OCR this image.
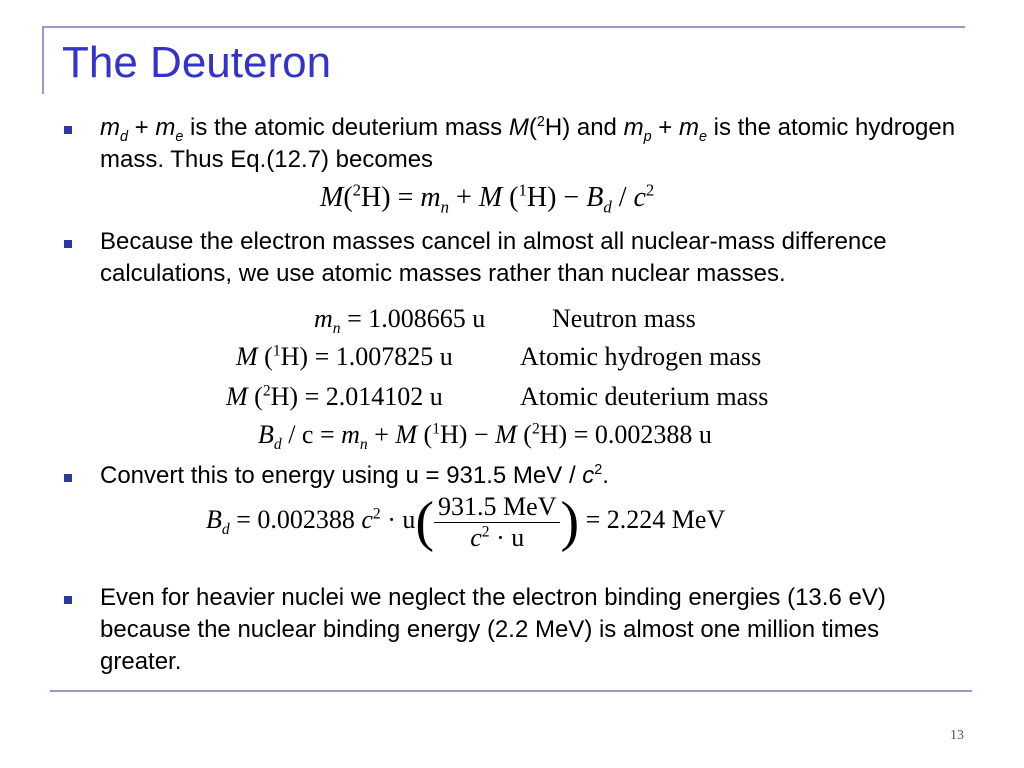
The Deuteron
$m_d + m_e$ is the atomic deuterium mass M($^2$H) and $m_p + m_e$ is the atomic hydrogen mass. Thus Eq.(12.7) becomes
$M(^2H) = m_n + M$ $(^1H) - B_d / c^2$
Because the electron masses cancel in almost all nuclear-mass difference calculations, we use atomic masses rather than nuclear masses.
$m_n = 1.008665$ u	Neutron mass
M ($^1$H) = 1.007825 u	Atomic hydrogen mass
M ($^2$H) = 2.014102 u	Atomic deuterium mass
$B_d / c = m_n + M$ ($^1$H) − M ($^2$H) = 0.002388 u
Convert this to energy using u = 931.5 MeV / $c^2$.
$B_d = 0.002388$ $c^2 \cdot u( \frac{\text{931.5 MeV}}{c^2 \cdot u}$ ) = 2.224 MeV
Even for heavier nuclei we neglect the electron binding energies (13.6 eV) because the nuclear binding energy (2.2 MeV) is almost one million times greater.
13
